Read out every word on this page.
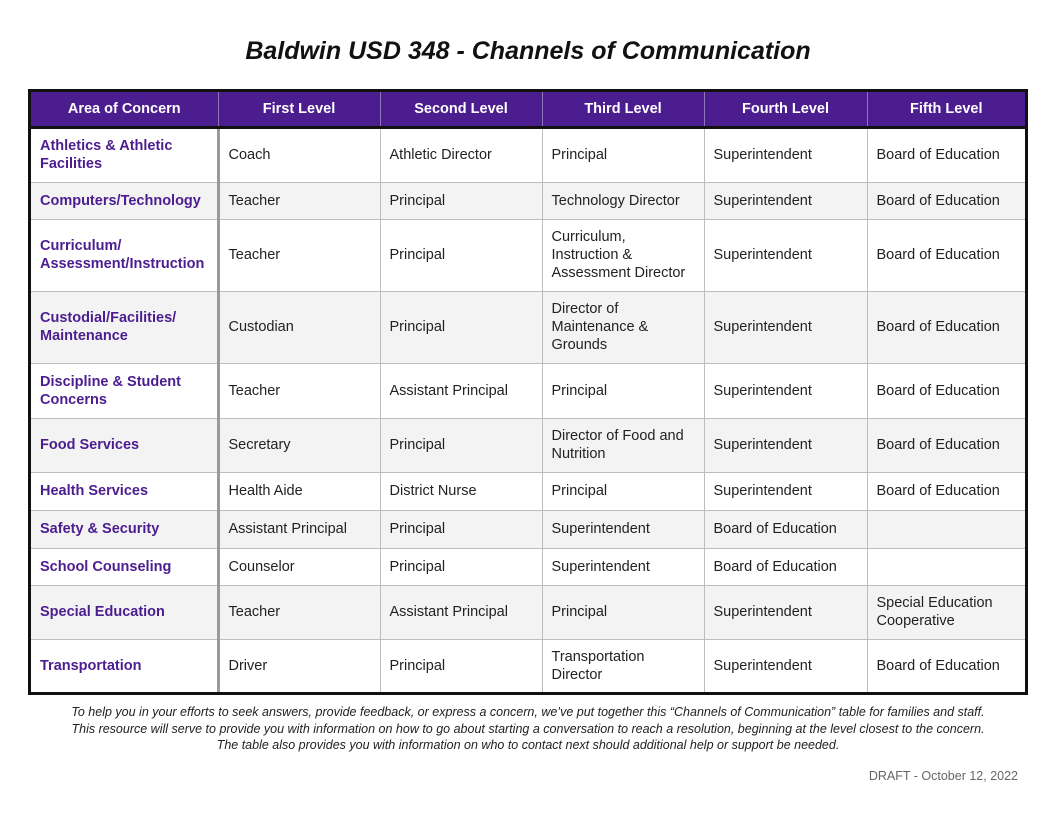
Baldwin USD 348 - Channels of Communication
Area of Concern	First Level	Second Level	Third Level	Fourth Level	Fifth Level
Athletics & Athletic Facilities	Coach	Athletic Director	Principal	Superintendent	Board of Education
Computers/Technology	Teacher	Principal	Technology Director	Superintendent	Board of Education
Curriculum/ Assessment/Instruction	Teacher	Principal	Curriculum, Instruction & Assessment Director	Superintendent	Board of Education
Custodial/Facilities/ Maintenance	Custodian	Principal	Director of Maintenance & Grounds	Superintendent	Board of Education
Discipline & Student Concerns	Teacher	Assistant Principal	Principal	Superintendent	Board of Education
Food Services	Secretary	Principal	Director of Food and Nutrition	Superintendent	Board of Education
Health Services	Health Aide	District Nurse	Principal	Superintendent	Board of Education
Safety & Security	Assistant Principal	Principal	Superintendent	Board of Education	
School Counseling	Counselor	Principal	Superintendent	Board of Education	
Special Education	Teacher	Assistant Principal	Principal	Superintendent	Special Education Cooperative
Transportation	Driver	Principal	Transportation Director	Superintendent	Board of Education
To help you in your efforts to seek answers, provide feedback, or express a concern, we’ve put together this “Channels of Communication” table for families and staff.
This resource will serve to provide you with information on how to go about starting a conversation to reach a resolution, beginning at the level closest to the concern.
The table also provides you with information on who to contact next should additional help or support be needed.
DRAFT - October 12, 2022
